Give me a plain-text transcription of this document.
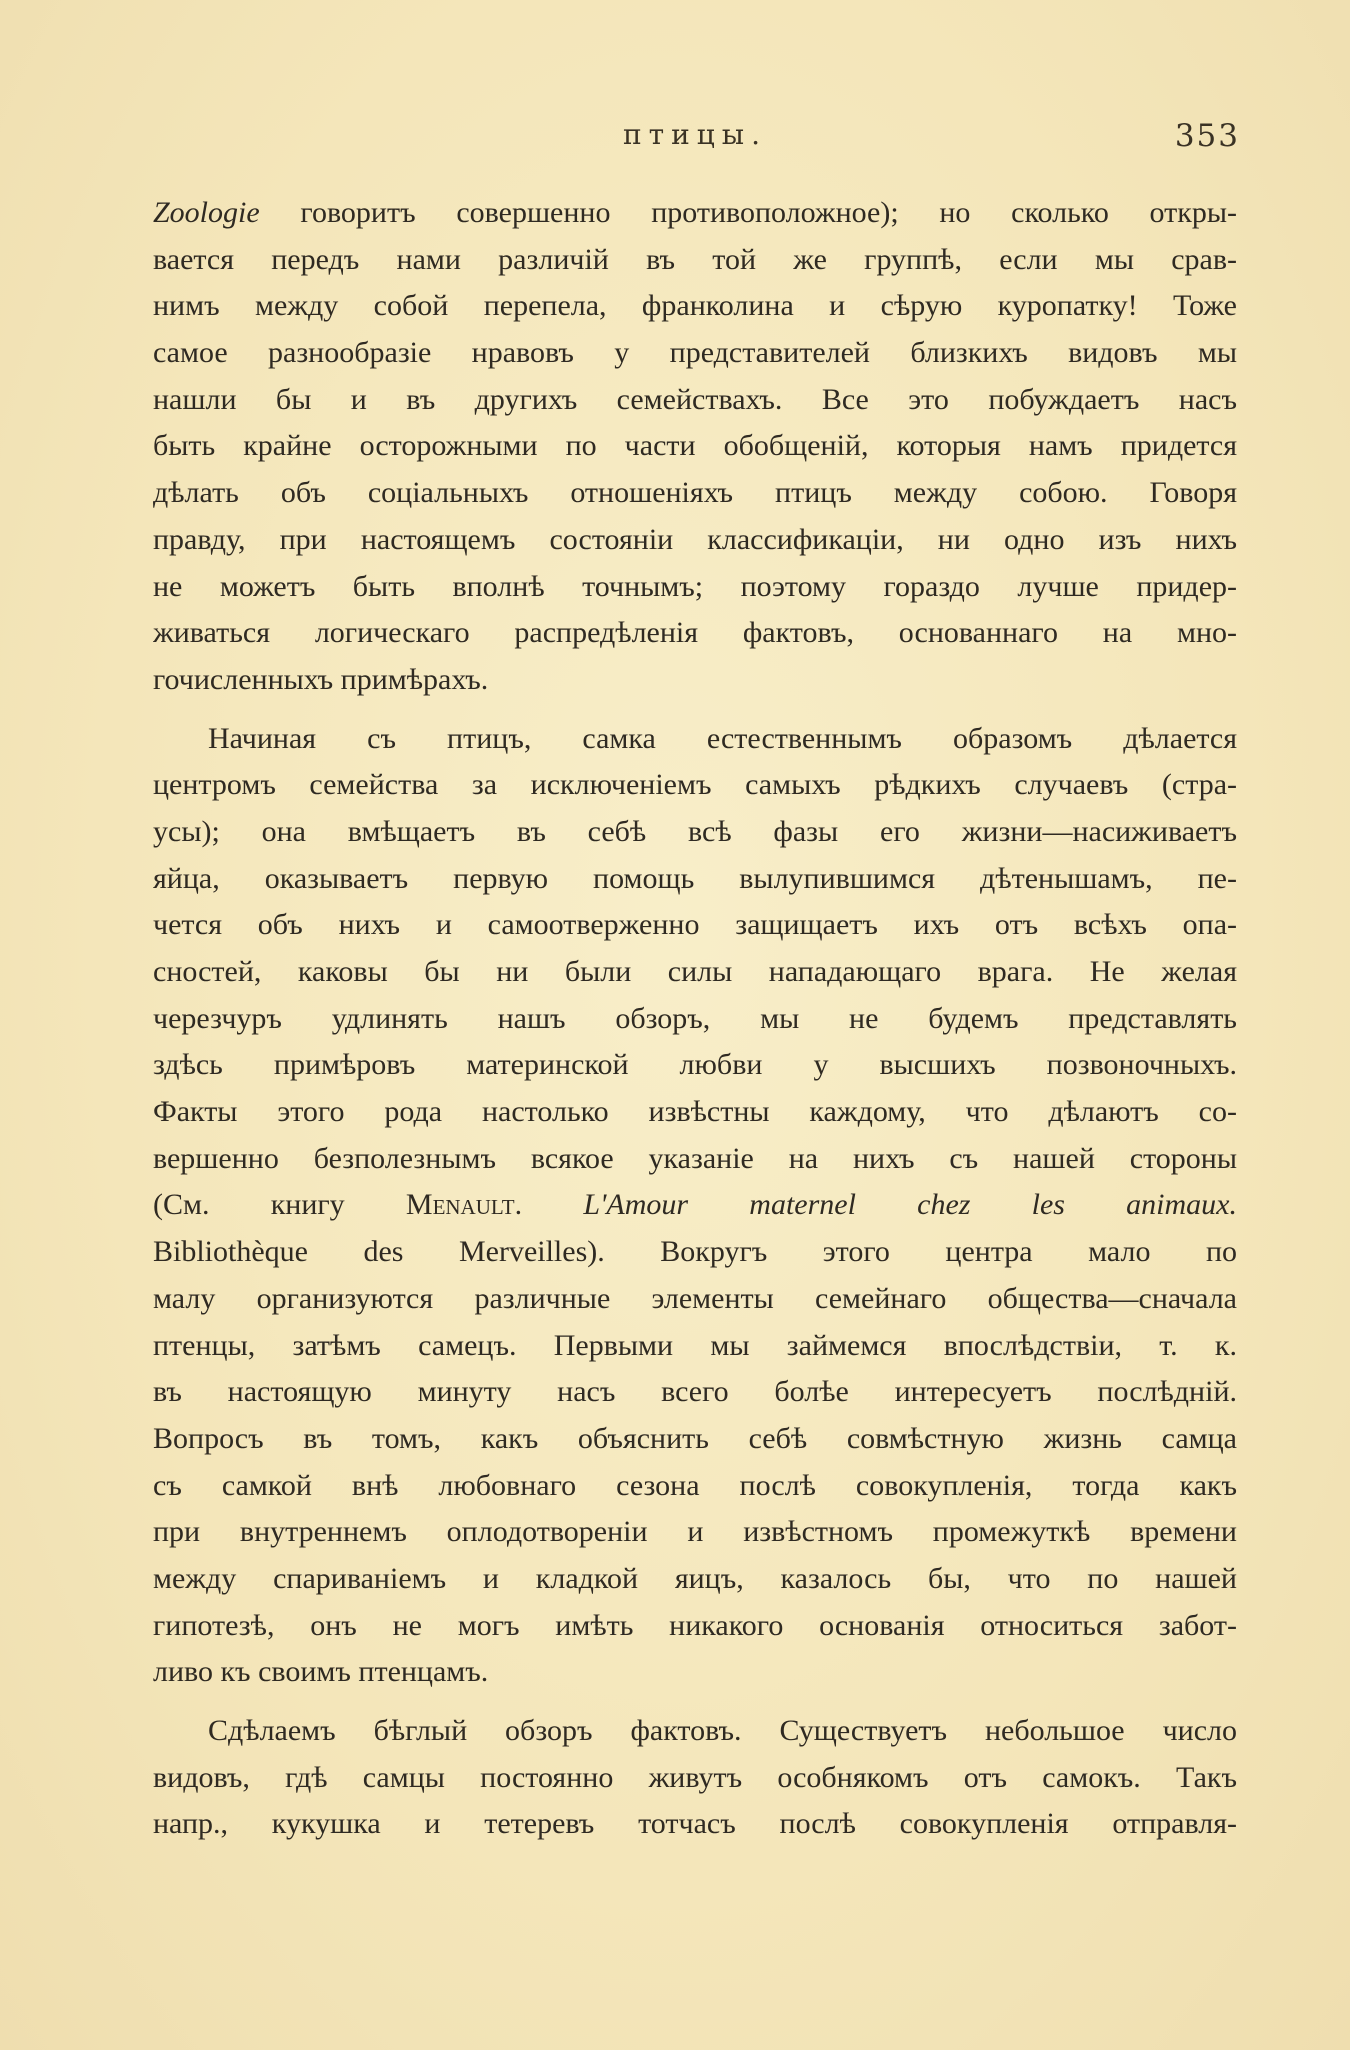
птицы.	353
Zoologie говоритъ совершенно противоположное); но сколько откры-
вается передъ нами различій въ той же группѣ, если мы срав-
нимъ между собой перепела, франколина и сѣрую куропатку! Тоже
самое разнообразіе нравовъ у представителей близкихъ видовъ мы
нашли бы и въ другихъ семействахъ. Все это побуждаетъ насъ
быть крайне осторожными по части обобщеній, которыя намъ придется
дѣлать объ соціальныхъ отношеніяхъ птицъ между собою. Говоря
правду, при настоящемъ состояніи классификаціи, ни одно изъ нихъ
не можетъ быть вполнѣ точнымъ; поэтому гораздо лучше придер-
живаться логическаго распредѣленія фактовъ, основаннаго на мно-
гочисленныхъ примѣрахъ.
Начиная съ птицъ, самка естественнымъ образомъ дѣлается
центромъ семейства за исключеніемъ самыхъ рѣдкихъ случаевъ (стра-
усы); она вмѣщаетъ въ себѣ всѣ фазы его жизни—насиживаетъ
яйца, оказываетъ первую помощь вылупившимся дѣтенышамъ, пе-
чется объ нихъ и самоотверженно защищаетъ ихъ отъ всѣхъ опа-
сностей, каковы бы ни были силы нападающаго врага. Не желая
черезчуръ удлинять нашъ обзоръ, мы не будемъ представлять
здѣсь примѣровъ материнской любви у высшихъ позвоночныхъ.
Факты этого рода настолько извѣстны каждому, что дѣлаютъ со-
вершенно безполезнымъ всякое указаніе на нихъ съ нашей стороны
(См. книгу Menault. L'Amour maternel chez les animaux.
Bibliothèque des Merveilles). Вокругъ этого центра мало по
малу организуются различные элементы семейнаго общества—сначала
птенцы, затѣмъ самецъ. Первыми мы займемся впослѣдствіи, т. к.
въ настоящую минуту насъ всего болѣе интересуетъ послѣдній.
Вопросъ въ томъ, какъ объяснить себѣ совмѣстную жизнь самца
съ самкой внѣ любовнаго сезона послѣ совокупленія, тогда какъ
при внутреннемъ оплодотвореніи и извѣстномъ промежуткѣ времени
между спариваніемъ и кладкой яицъ, казалось бы, что по нашей
гипотезѣ, онъ не могъ имѣть никакого основанія относиться забот-
ливо къ своимъ птенцамъ.
Сдѣлаемъ бѣглый обзоръ фактовъ. Существуетъ небольшое число
видовъ, гдѣ самцы постоянно живутъ особнякомъ отъ самокъ. Такъ
напр., кукушка и тетеревъ тотчасъ послѣ совокупленія отправля-
